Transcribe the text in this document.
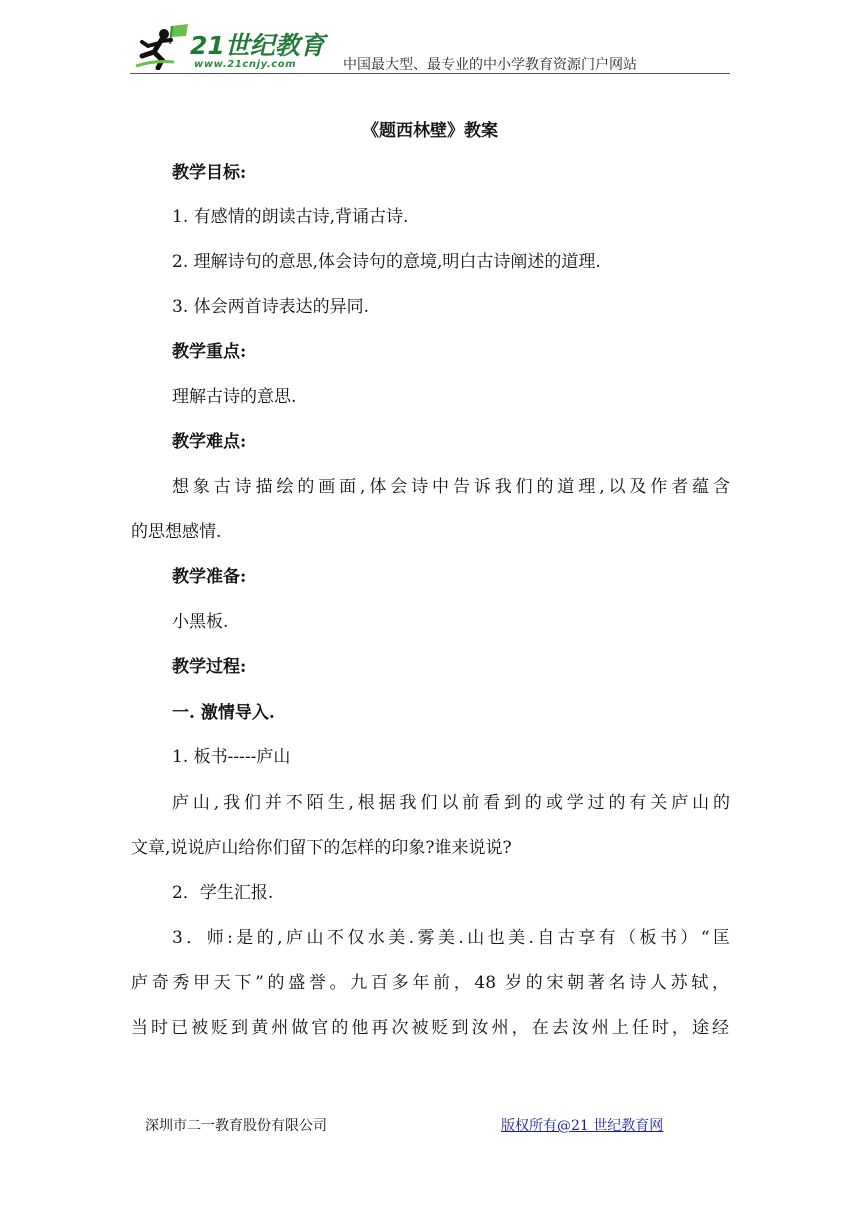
21世纪教育
www.21cnjy.com	中国最大型、最专业的中小学教育资源门户网站
《题西林壁》教案
教学目标:
1. 有感情的朗读古诗,背诵古诗.
2. 理解诗句的意思,体会诗句的意境,明白古诗阐述的道理.
3. 体会两首诗表达的异同.
教学重点:
理解古诗的意思.
教学难点:
想象古诗描绘的画面,体会诗中告诉我们的道理,以及作者蕴含
的思想感情.
教学准备:
小黑板.
教学过程:
一. 激情导入.
1. 板书-----庐山
庐山,我们并不陌生,根据我们以前看到的或学过的有关庐山的
文章,说说庐山给你们留下的怎样的印象?谁来说说?
2．学生汇报.
3．师:是的,庐山不仅水美.雾美.山也美.自古享有（板书）“匡
庐奇秀甲天下”的盛誉。九百多年前，48 岁的宋朝著名诗人苏轼，
当时已被贬到黄州做官的他再次被贬到汝州，在去汝州上任时，途经
深圳市二一教育股份有限公司	版权所有@21 世纪教育网
